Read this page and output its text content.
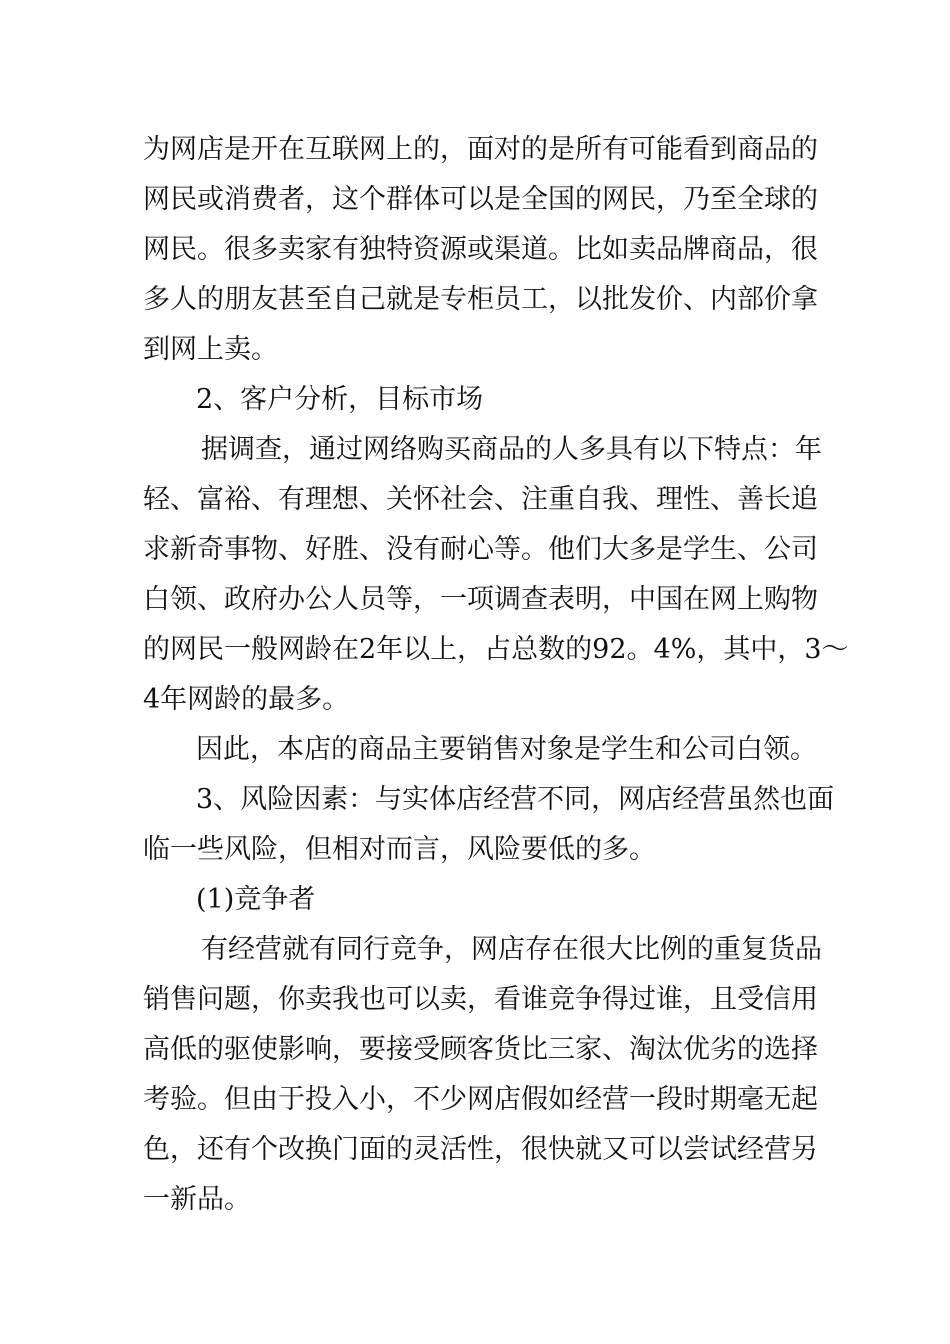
为网店是开在互联网上的，面对的是所有可能看到商品的
网民或消费者，这个群体可以是全国的网民，乃至全球的
网民。很多卖家有独特资源或渠道。比如卖品牌商品，很
多人的朋友甚至自己就是专柜员工，以批发价、内部价拿
到网上卖。
2、客户分析，目标市场
据调查，通过网络购买商品的人多具有以下特点：年
轻、富裕、有理想、关怀社会、注重自我、理性、善长追
求新奇事物、好胜、没有耐心等。他们大多是学生、公司
白领、政府办公人员等，一项调查表明，中国在网上购物
的网民一般网龄在2年以上，占总数的92。4%，其中，3～
4年网龄的最多。
因此，本店的商品主要销售对象是学生和公司白领。
3、风险因素：与实体店经营不同，网店经营虽然也面
临一些风险，但相对而言，风险要低的多。
(1)竞争者
有经营就有同行竞争，网店存在很大比例的重复货品
销售问题，你卖我也可以卖，看谁竞争得过谁，且受信用
高低的驱使影响，要接受顾客货比三家、淘汰优劣的选择
考验。但由于投入小，不少网店假如经营一段时期毫无起
色，还有个改换门面的灵活性，很快就又可以尝试经营另
一新品。
